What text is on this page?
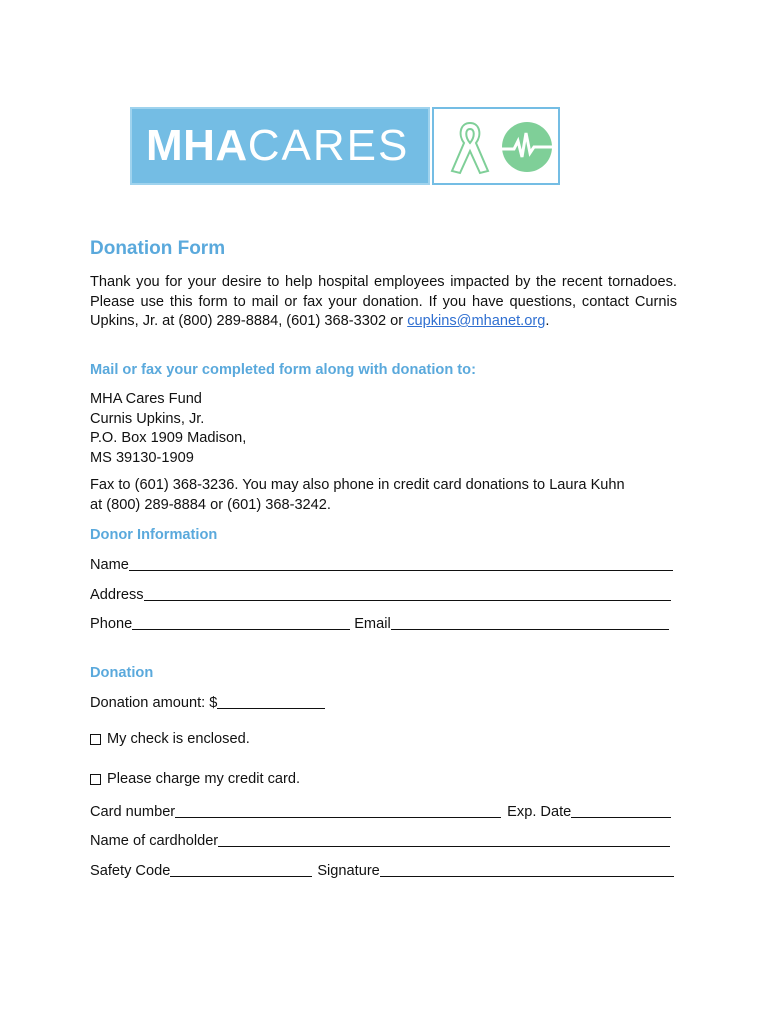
MHACARES
Donation Form

Thank you for your desire to help hospital employees impacted by the recent tornadoes. Please use this form to mail or fax your donation. If you have questions, contact Curnis Upkins, Jr. at (800) 289-8884, (601) 368-3302 or cupkins@mhanet.org.

Mail or fax your completed form along with donation to:
MHA Cares Fund
Curnis Upkins, Jr.
P.O. Box 1909 Madison,
MS 39130-1909
Fax to (601) 368-3236. You may also phone in credit card donations to Laura Kuhn
at (800) 289-8884 or (601) 368-3242.
Donor Information
Name
Address
Phone	Email
Donation
Donation amount: $
My check is enclosed.
Please charge my credit card.
Card number	Exp. Date
Name of cardholder
Safety Code	Signature
